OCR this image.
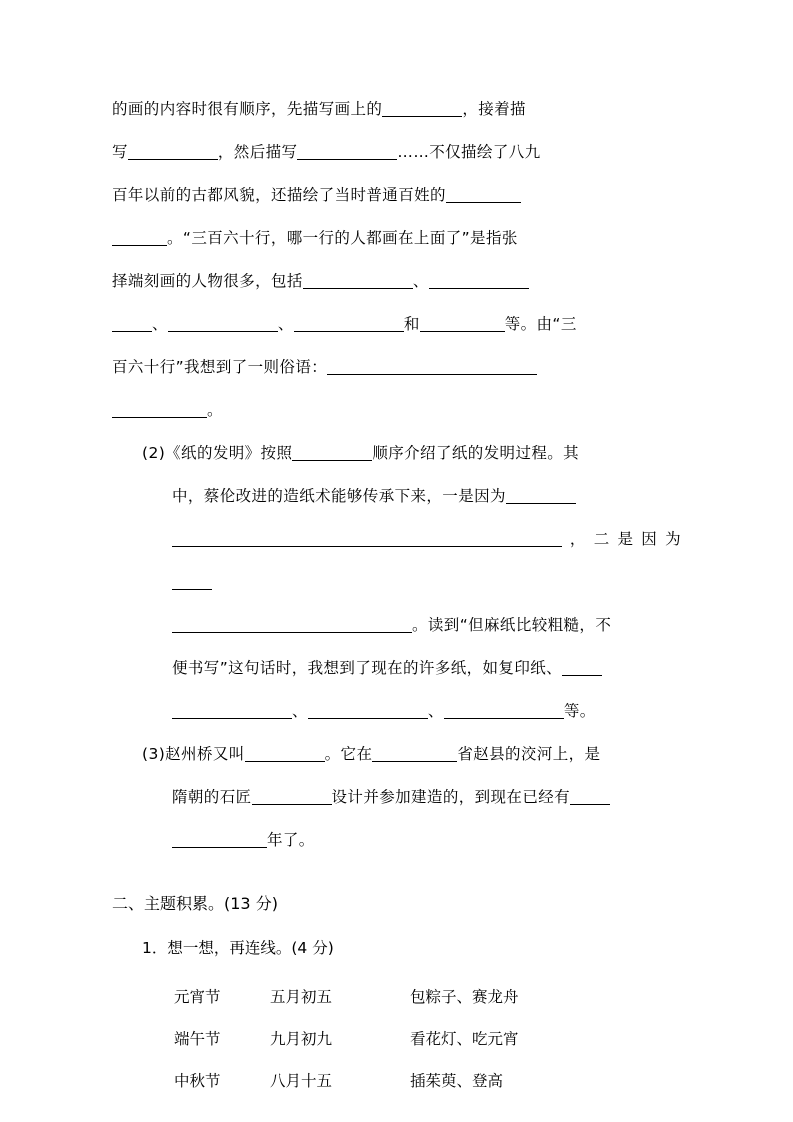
的画的内容时很有顺序，先描写画上的	，接着描
写	，然后描写	……不仅描绘了八九
百年以前的古都风貌，还描绘了当时普通百姓的
。“三百六十行，哪一行的人都画在上面了”是指张
择端刻画的人物很多，包括	、
、	、	和	等。由“三
百六十行”我想到了一则俗语：
。
(2)《纸的发明》按照	顺序介绍了纸的发明过程。其
中，蔡伦改进的造纸术能够传承下来，一是因为
，二是因为
。读到“但麻纸比较粗糙，不
便书写”这句话时，我想到了现在的许多纸，如复印纸、
、	、	等。
(3)赵州桥又叫	。它在	省赵县的洨河上，是
隋朝的石匠	设计并参加建造的，到现在已经有
年了。
二、主题积累。(13 分)
1．想一想，再连线。(4 分)
元宵节	五月初五	包粽子、赛龙舟
端午节	九月初九	看花灯、吃元宵
中秋节	八月十五	插茱萸、登高
